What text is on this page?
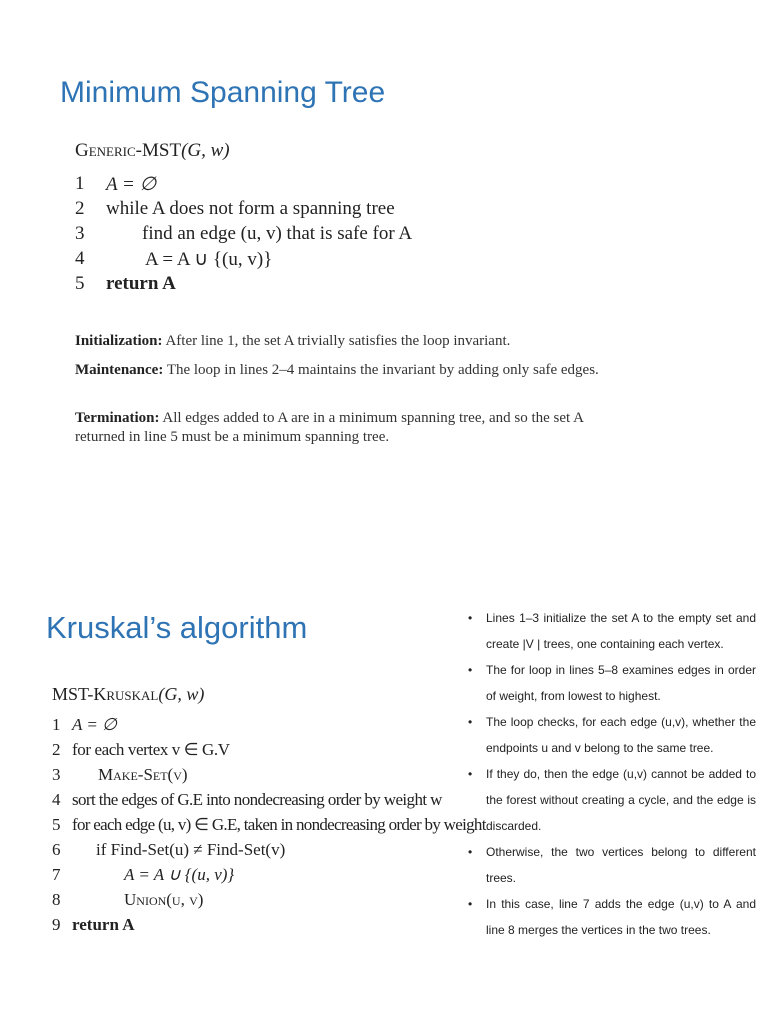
Minimum Spanning Tree
Generic-MST(G, w)
1 A = ∅
2 while A does not form a spanning tree
3	find an edge (u, v) that is safe for A
4	A = A ∪ {(u, v)}
5 return A
Initialization: After line 1, the set A trivially satisfies the loop invariant.
Maintenance: The loop in lines 2–4 maintains the invariant by adding only safe edges.
Termination: All edges added to A are in a minimum spanning tree, and so the set A returned in line 5 must be a minimum spanning tree.
Kruskal’s algorithm
MST-Kruskal(G, w)
1 A = ∅
2 for each vertex v ∈ G.V
3 Make-Set(v)
4 sort the edges of G.E into nondecreasing order by weight w
5 for each edge (u, v) ∈ G.E, taken in nondecreasing order by weight
6 if Find-Set(u) ≠ Find-Set(v)
7	A = A ∪ {(u, v)}
8	Union(u, v)
9 return A
• Lines 1–3 initialize the set A to the empty set and create |V | trees, one containing each vertex.
• The for loop in lines 5–8 examines edges in order of weight, from lowest to highest.
• The loop checks, for each edge (u,v), whether the endpoints u and v belong to the same tree.
• If they do, then the edge (u,v) cannot be added to the forest without creating a cycle, and the edge is discarded.
• Otherwise, the two vertices belong to different trees.
• In this case, line 7 adds the edge (u,v) to A and line 8 merges the vertices in the two trees.
